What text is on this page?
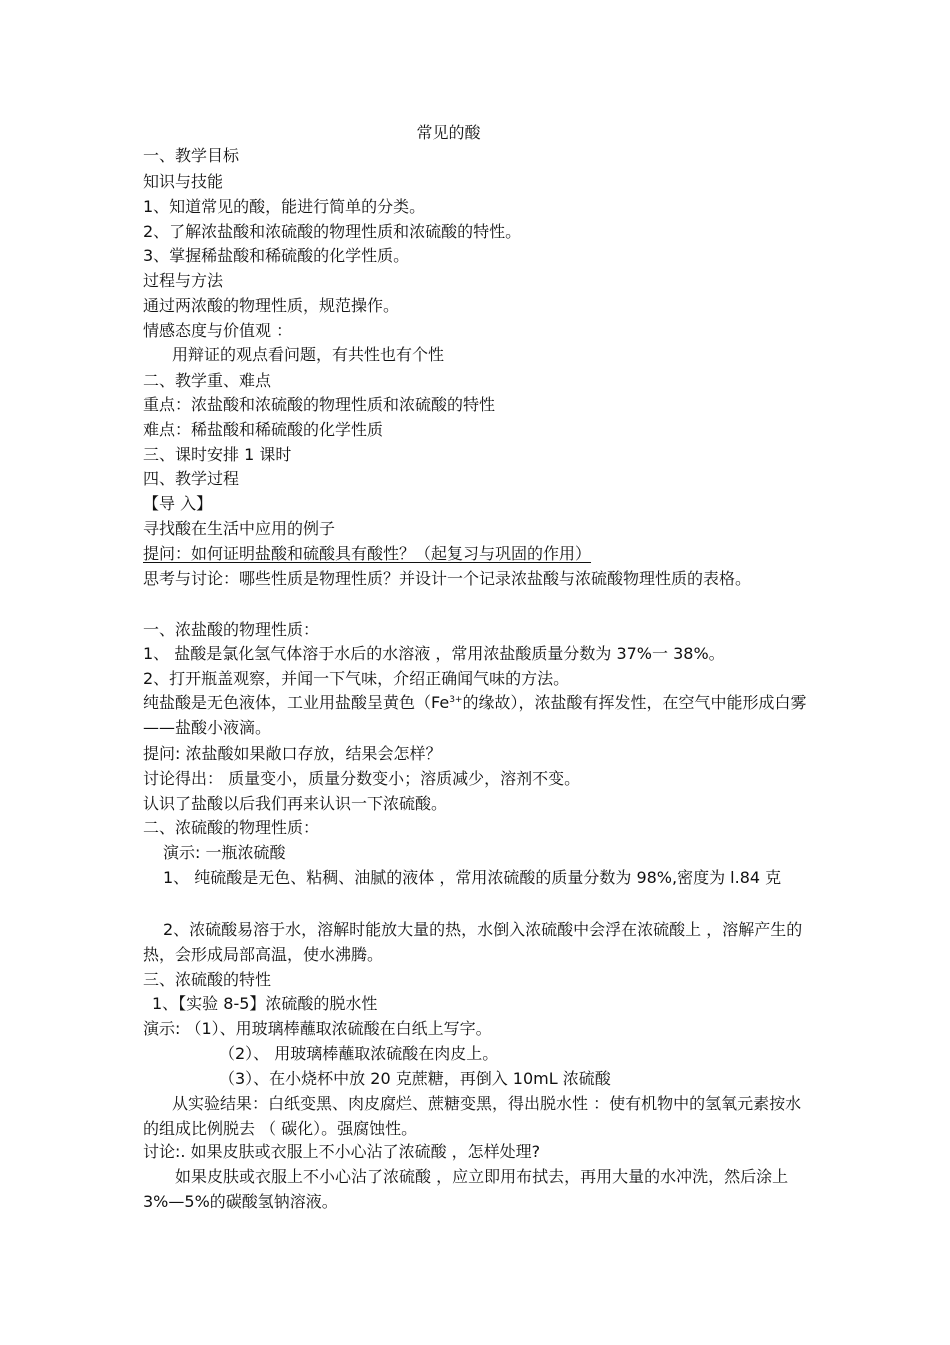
常见的酸

一、教学目标

知识与技能

1、知道常见的酸，能进行简单的分类。

2、了解浓盐酸和浓硫酸的物理性质和浓硫酸的特性。

3、掌握稀盐酸和稀硫酸的化学性质。

过程与方法

通过两浓酸的物理性质，规范操作。

情感态度与价值观 ：

用辩证的观点看问题，有共性也有个性

二、教学重、难点

重点：浓盐酸和浓硫酸的物理性质和浓硫酸的特性

难点：稀盐酸和稀硫酸的化学性质

三、课时安排 1 课时

四、教学过程

【导 入】

寻找酸在生活中应用的例子

提问：如何证明盐酸和硫酸具有酸性？（起复习与巩固的作用）

思考与讨论：哪些性质是物理性质？并设计一个记录浓盐酸与浓硫酸物理性质的表格。

一、浓盐酸的物理性质：

1、 盐酸是氯化氢气体溶于水后的水溶液 ，常用浓盐酸质量分数为 37%一 38%。

2、打开瓶盖观察，并闻一下气味，介绍正确闻气味的方法。

纯盐酸是无色液体，工业用盐酸呈黄色（$Fe^{3+}$的缘故），浓盐酸有挥发性，在空气中能形成白雾——盐酸小液滴。

提问: 浓盐酸如果敞口存放，结果会怎样？

讨论得出： 质量变小，质量分数变小；溶质减少，溶剂不变。

认识了盐酸以后我们再来认识一下浓硫酸。

二、浓硫酸的物理性质：

演示: 一瓶浓硫酸

1、 纯硫酸是无色、粘稠、油腻的液体 ，常用浓硫酸的质量分数为 98%,密度为 l.84 克

2、浓硫酸易溶于水，溶解时能放大量的热，水倒入浓硫酸中会浮在浓硫酸上 ，溶解产生的热，会形成局部高温，使水沸腾。

三、浓硫酸的特性

1、【实验 8-5】浓硫酸的脱水性

演示: （1）、用玻璃棒蘸取浓硫酸在白纸上写字。

（2）、 用玻璃棒蘸取浓硫酸在肉皮上。

（3）、在小烧杯中放 20 克蔗糖，再倒入 10mL 浓硫酸

从实验结果：白纸变黑、肉皮腐烂、蔗糖变黑，得出脱水性 ：使有机物中的氢氧元素按水的组成比例脱去 （ 碳化）。强腐蚀性。

讨论:. 如果皮肤或衣服上不小心沾了浓硫酸 ，怎样处理?

如果皮肤或衣服上不小心沾了浓硫酸 ，应立即用布拭去，再用大量的水冲洗，然后涂上 3%—5%的碳酸氢钠溶液。
